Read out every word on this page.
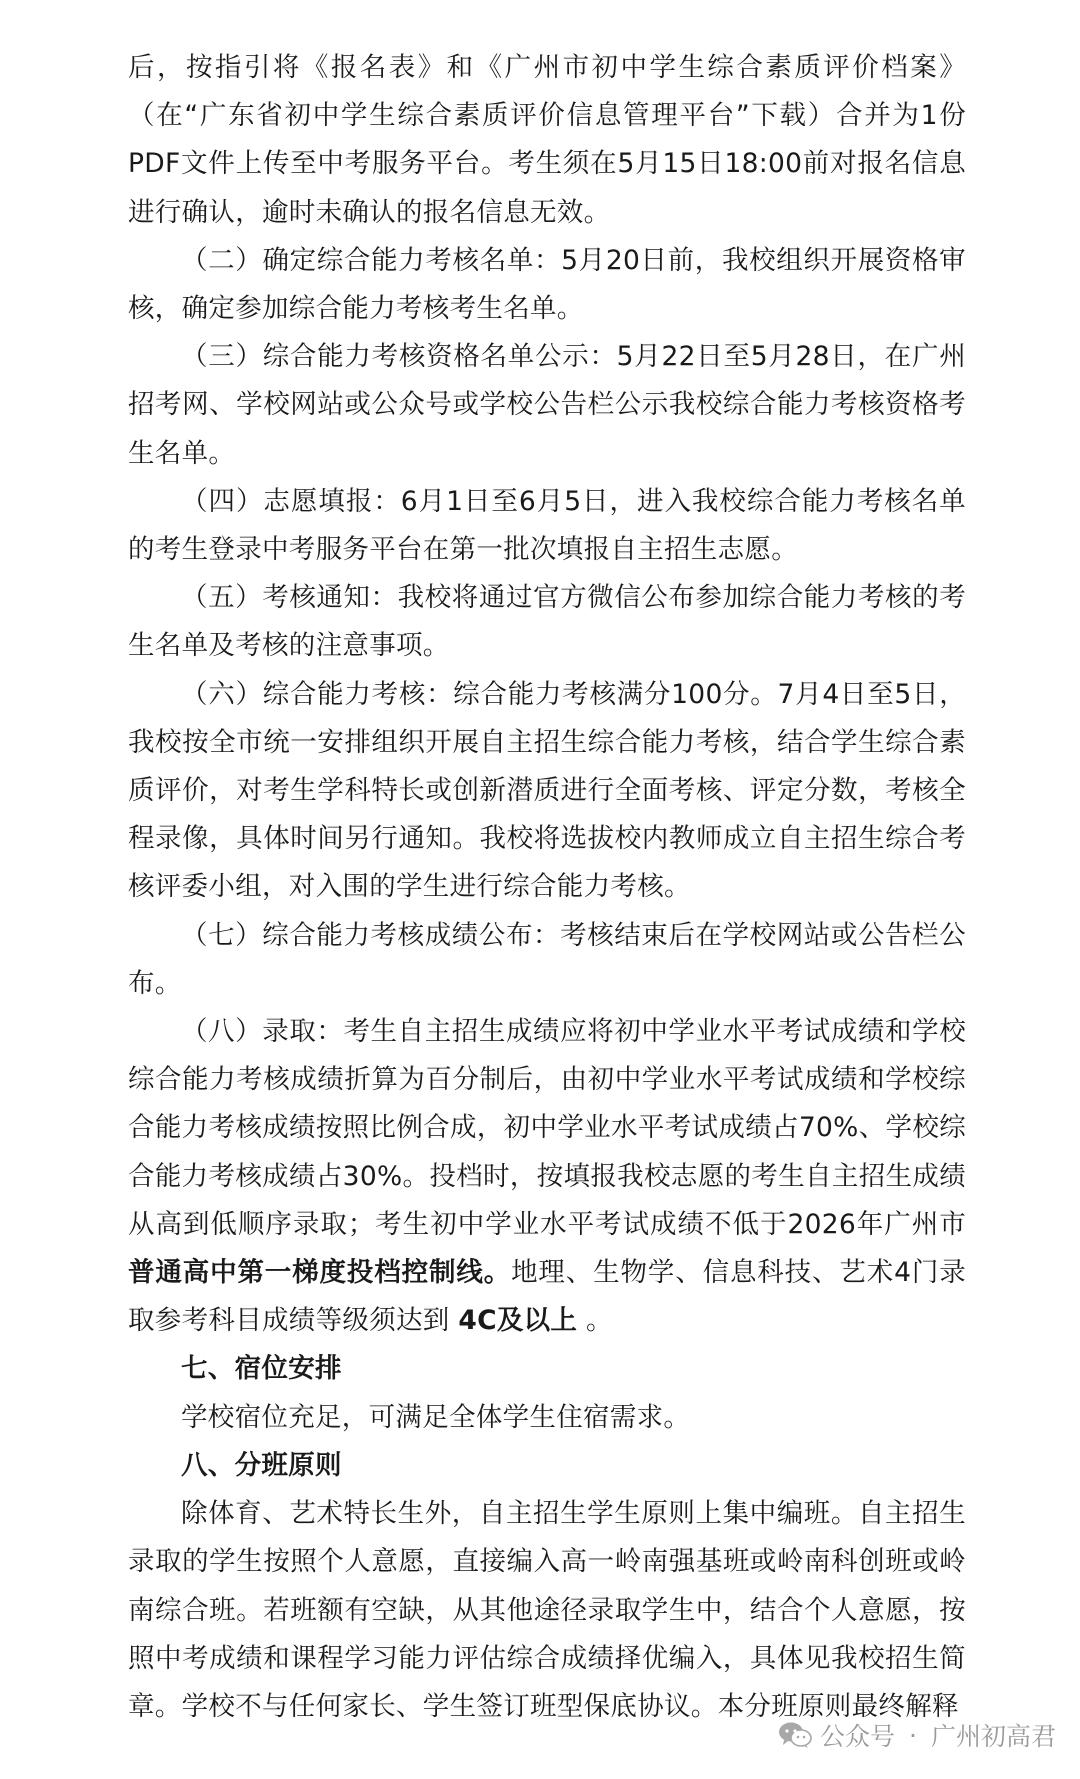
后，按指引将《报名表》和《广州市初中学生综合素质评价档案》（在“广东省初中学生综合素质评价信息管理平台”下载）合并为1份PDF文件上传至中考服务平台。考生须在5月15日18:00前对报名信息进行确认，逾时未确认的报名信息无效。

（二）确定综合能力考核名单：5月20日前，我校组织开展资格审核，确定参加综合能力考核考生名单。

（三）综合能力考核资格名单公示：5月22日至5月28日，在广州招考网、学校网站或公众号或学校公告栏公示我校综合能力考核资格考生名单。

（四）志愿填报：6月1日至6月5日，进入我校综合能力考核名单的考生登录中考服务平台在第一批次填报自主招生志愿。

（五）考核通知：我校将通过官方微信公布参加综合能力考核的考生名单及考核的注意事项。

（六）综合能力考核：综合能力考核满分100分。7月4日至5日，我校按全市统一安排组织开展自主招生综合能力考核，结合学生综合素质评价，对考生学科特长或创新潜质进行全面考核、评定分数，考核全程录像，具体时间另行通知。我校将选拔校内教师成立自主招生综合考核评委小组，对入围的学生进行综合能力考核。

（七）综合能力考核成绩公布：考核结束后在学校网站或公告栏公布。

（八）录取：考生自主招生成绩应将初中学业水平考试成绩和学校综合能力考核成绩折算为百分制后，由初中学业水平考试成绩和学校综合能力考核成绩按照比例合成，初中学业水平考试成绩占70%、学校综合能力考核成绩占30%。投档时，按填报我校志愿的考生自主招生成绩从高到低顺序录取；考生初中学业水平考试成绩不低于2026年广州市普通高中第一梯度投档控制线。地理、生物学、信息科技、艺术4门录取参考科目成绩等级须达到 4C及以上 。

七、宿位安排

学校宿位充足，可满足全体学生住宿需求。

八、分班原则

除体育、艺术特长生外，自主招生学生原则上集中编班。自主招生录取的学生按照个人意愿，直接编入高一岭南强基班或岭南科创班或岭南综合班。若班额有空缺，从其他途径录取学生中，结合个人意愿，按照中考成绩和课程学习能力评估综合成绩择优编入，具体见我校招生简章。学校不与任何家长、学生签订班型保底协议。本分班原则最终解释

公众号 · 广州初高君
